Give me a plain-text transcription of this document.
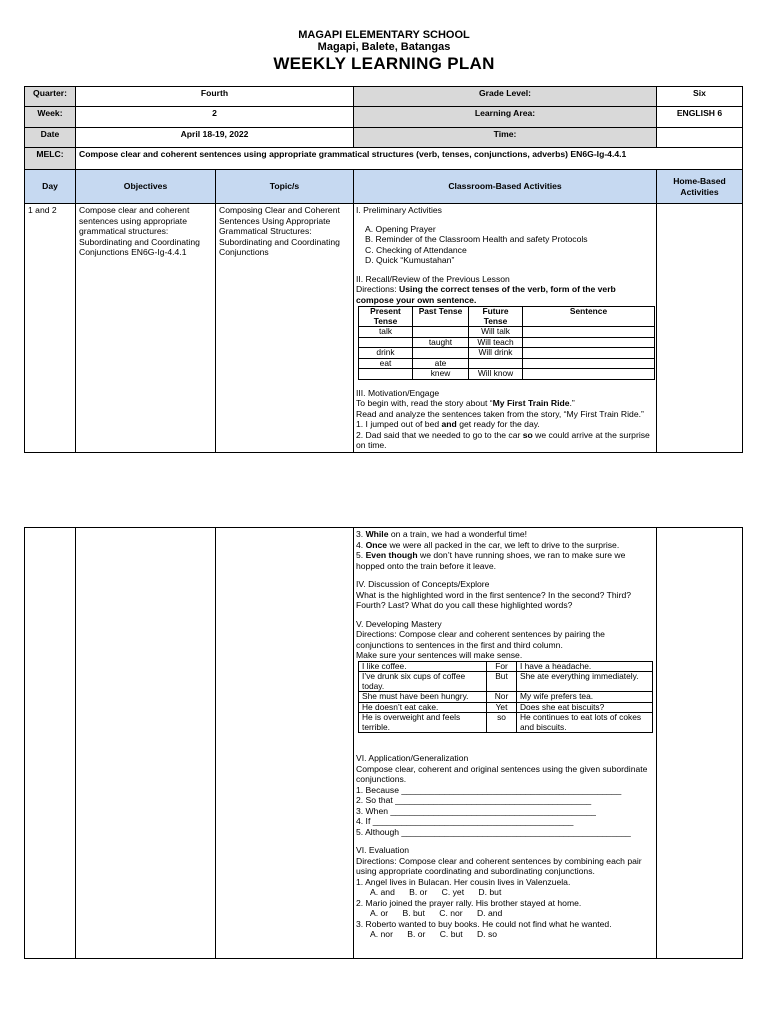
MAGAPI ELEMENTARY SCHOOL
Magapi, Balete, Batangas
WEEKLY LEARNING PLAN
Quarter:	Fourth	Grade Level:	Six
Week:	2	Learning Area:	ENGLISH 6
Date	April 18-19, 2022	Time:	
MELC:	Compose clear and coherent sentences using appropriate grammatical structures (verb, tenses, conjunctions, adverbs) EN6G-Ig-4.4.1
Day	Objectives	Topic/s	Classroom-Based Activities	Home-Based Activities
1 and 2	Compose clear and coherent sentences using appropriate grammatical structures: Subordinating and Coordinating Conjunctions EN6G-Ig-4.4.1	Composing Clear and Coherent Sentences Using Appropriate Grammatical Structures: Subordinating and Coordinating Conjunctions	
I. Preliminary Activities
A. Opening Prayer
B. Reminder of the Classroom Health and safety Protocols
C. Checking of Attendance
D. Quick “Kumustahan”
II. Recall/Review of the Previous Lesson
Directions: Using the correct tenses of the verb, form of the verb compose your own sentence.
Present Tense	Past Tense	Future Tense	Sentence
talk		Will talk	
	taught	Will teach	
drink		Will drink	
eat	ate		
	knew	Will know	
III. Motivation/Engage
To begin with, read the story about “My First Train Ride.”
Read and analyze the sentences taken from the story, “My First Train Ride.”
1. I jumped out of bed and get ready for the day.
2. Dad said that we needed to go to the car so we could arrive at the surprise on time.

3. While on a train, we had a wonderful time!
4. Once we were all packed in the car, we left to drive to the surprise.
5. Even though we don’t have running shoes, we ran to make sure we hopped onto the train before it leave.
IV. Discussion of Concepts/Explore
What is the highlighted word in the first sentence? In the second? Third? Fourth? Last? What do you call these highlighted words?
V. Developing Mastery
Directions: Compose clear and coherent sentences by pairing the conjunctions to sentences in the first and third column.
Make sure your sentences will make sense.
I like coffee.	For	I have a headache.
I’ve drunk six cups of coffee today.	But	She ate everything immediately.
She must have been hungry.	Nor	My wife prefers tea.
He doesn’t eat cake.	Yet	Does she eat biscuits?
He is overweight and feels terrible.	so	He continues to eat lots of cokes and biscuits.
VI. Application/Generalization
Compose clear, coherent and original sentences using the given subordinate conjunctions.
1. Because ______________________________________________
2. So that _________________________________________
3. When ___________________________________________
4. If __________________________________________
5. Although ________________________________________________
VI. Evaluation
Directions: Compose clear and coherent sentences by combining each pair using appropriate coordinating and subordinating conjunctions.
1. Angel lives in Bulacan. Her cousin lives in Valenzuela.
A. and      B. or      C. yet      D. but
2. Mario joined the prayer rally. His brother stayed at home.
A. or      B. but      C. nor      D. and
3. Roberto wanted to buy books. He could not find what he wanted.
A. nor      B. or      C. but      D. so
